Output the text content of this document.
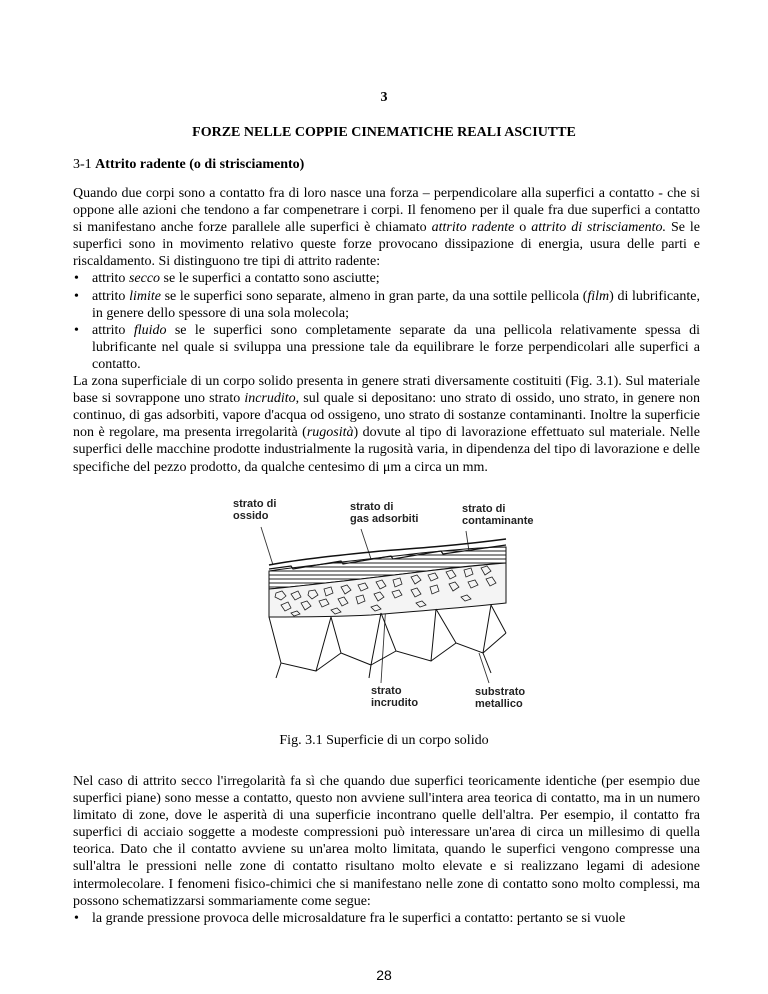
3
FORZE NELLE COPPIE CINEMATICHE REALI ASCIUTTE
3-1 Attrito radente (o di strisciamento)

Quando due corpi sono a contatto fra di loro nasce una forza – perpendicolare alla superfici a contatto - che si oppone alle azioni che tendono a far compenetrare i corpi. Il fenomeno per il quale fra due superfici a contatto si manifestano anche forze parallele alle superfici è chiamato attrito radente o attrito di strisciamento. Se le superfici sono in movimento relativo queste forze provocano dissipazione di energia, usura delle parti e riscaldamento. Si distinguono tre tipi di attrito radente:

• attrito secco se le superfici a contatto sono asciutte;
• attrito limite se le superfici sono separate, almeno in gran parte, da una sottile pellicola (film) di lubrificante, in genere dello spessore di una sola molecola;
• attrito fluido se le superfici sono completamente separate da una pellicola relativamente spessa di lubrificante nel quale si sviluppa una pressione tale da equilibrare le forze perpendicolari alle superfici a contatto.

La zona superficiale di un corpo solido presenta in genere strati diversamente costituiti (Fig. 3.1). Sul materiale base si sovrappone uno strato incrudito, sul quale si depositano: uno strato di ossido, uno strato, in genere non continuo, di gas adsorbiti, vapore d'acqua od ossigeno, uno strato di sostanze contaminanti. Inoltre la superficie non è regolare, ma presenta irregolarità (rugosità) dovute al tipo di lavorazione effettuato sul materiale. Nelle superfici delle macchine prodotte industrialmente la rugosità varia, in dipendenza del tipo di lavorazione e delle specifiche del pezzo prodotto, da qualche centesimo di μm a circa un mm.

strato di
ossido
strato di
gas adsorbiti
strato di
contaminante
strato
incrudito
substrato
metallico
Fig. 3.1 Superficie di un corpo solido

Nel caso di attrito secco l'irregolarità fa sì che quando due superfici teoricamente identiche (per esempio due superfici piane) sono messe a contatto, questo non avviene sull'intera area teorica di contatto, ma in un numero limitato di zone, dove le asperità di una superficie incontrano quelle dell'altra. Per esempio, il contatto fra superfici di acciaio soggette a modeste compressioni può interessare un'area di circa un millesimo di quella teorica. Dato che il contatto avviene su un'area molto limitata, quando le superfici vengono compresse una sull'altra le pressioni nelle zone di contatto risultano molto elevate e si realizzano legami di adesione intermolecolare. I fenomeni fisico-chimici che si manifestano nelle zone di contatto sono molto complessi, ma possono schematizzarsi sommariamente come segue:

• la grande pressione provoca delle microsaldature fra le superfici a contatto: pertanto se si vuole
28
